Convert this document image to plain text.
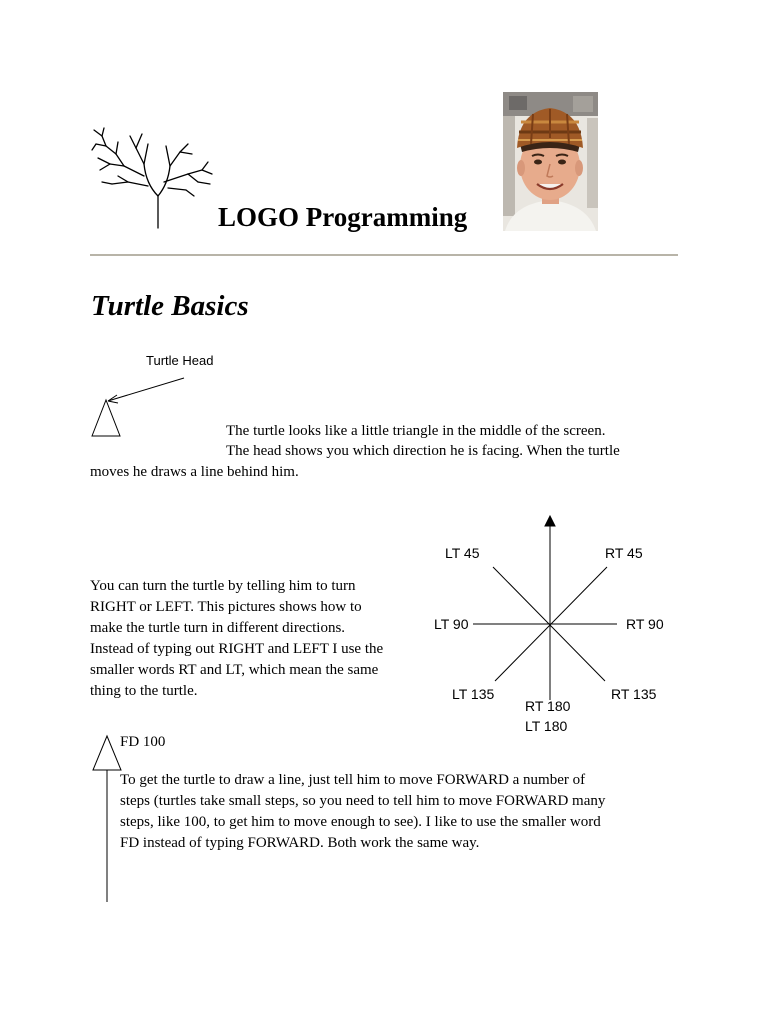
LOGO Programming
Turtle Basics
Turtle Head
The turtle looks like a little triangle in the middle of the screen.
The head shows you which direction he is facing. When the turtle
moves he draws a line behind him.
You can turn the turtle by telling him to turn
RIGHT or LEFT. This pictures shows how to
make the turtle turn in different directions.
Instead of typing out RIGHT and LEFT I use the
smaller words RT and LT, which mean the same
thing to the turtle.
LT 45	RT 45
LT 90	RT 90
LT 135	RT 135
RT 180
LT 180
FD 100
To get the turtle to draw a line, just tell him to move FORWARD a number of
steps (turtles take small steps, so you need to tell him to move FORWARD many
steps, like 100, to get him to move enough to see). I like to use the smaller word
FD instead of typing FORWARD. Both work the same way.
